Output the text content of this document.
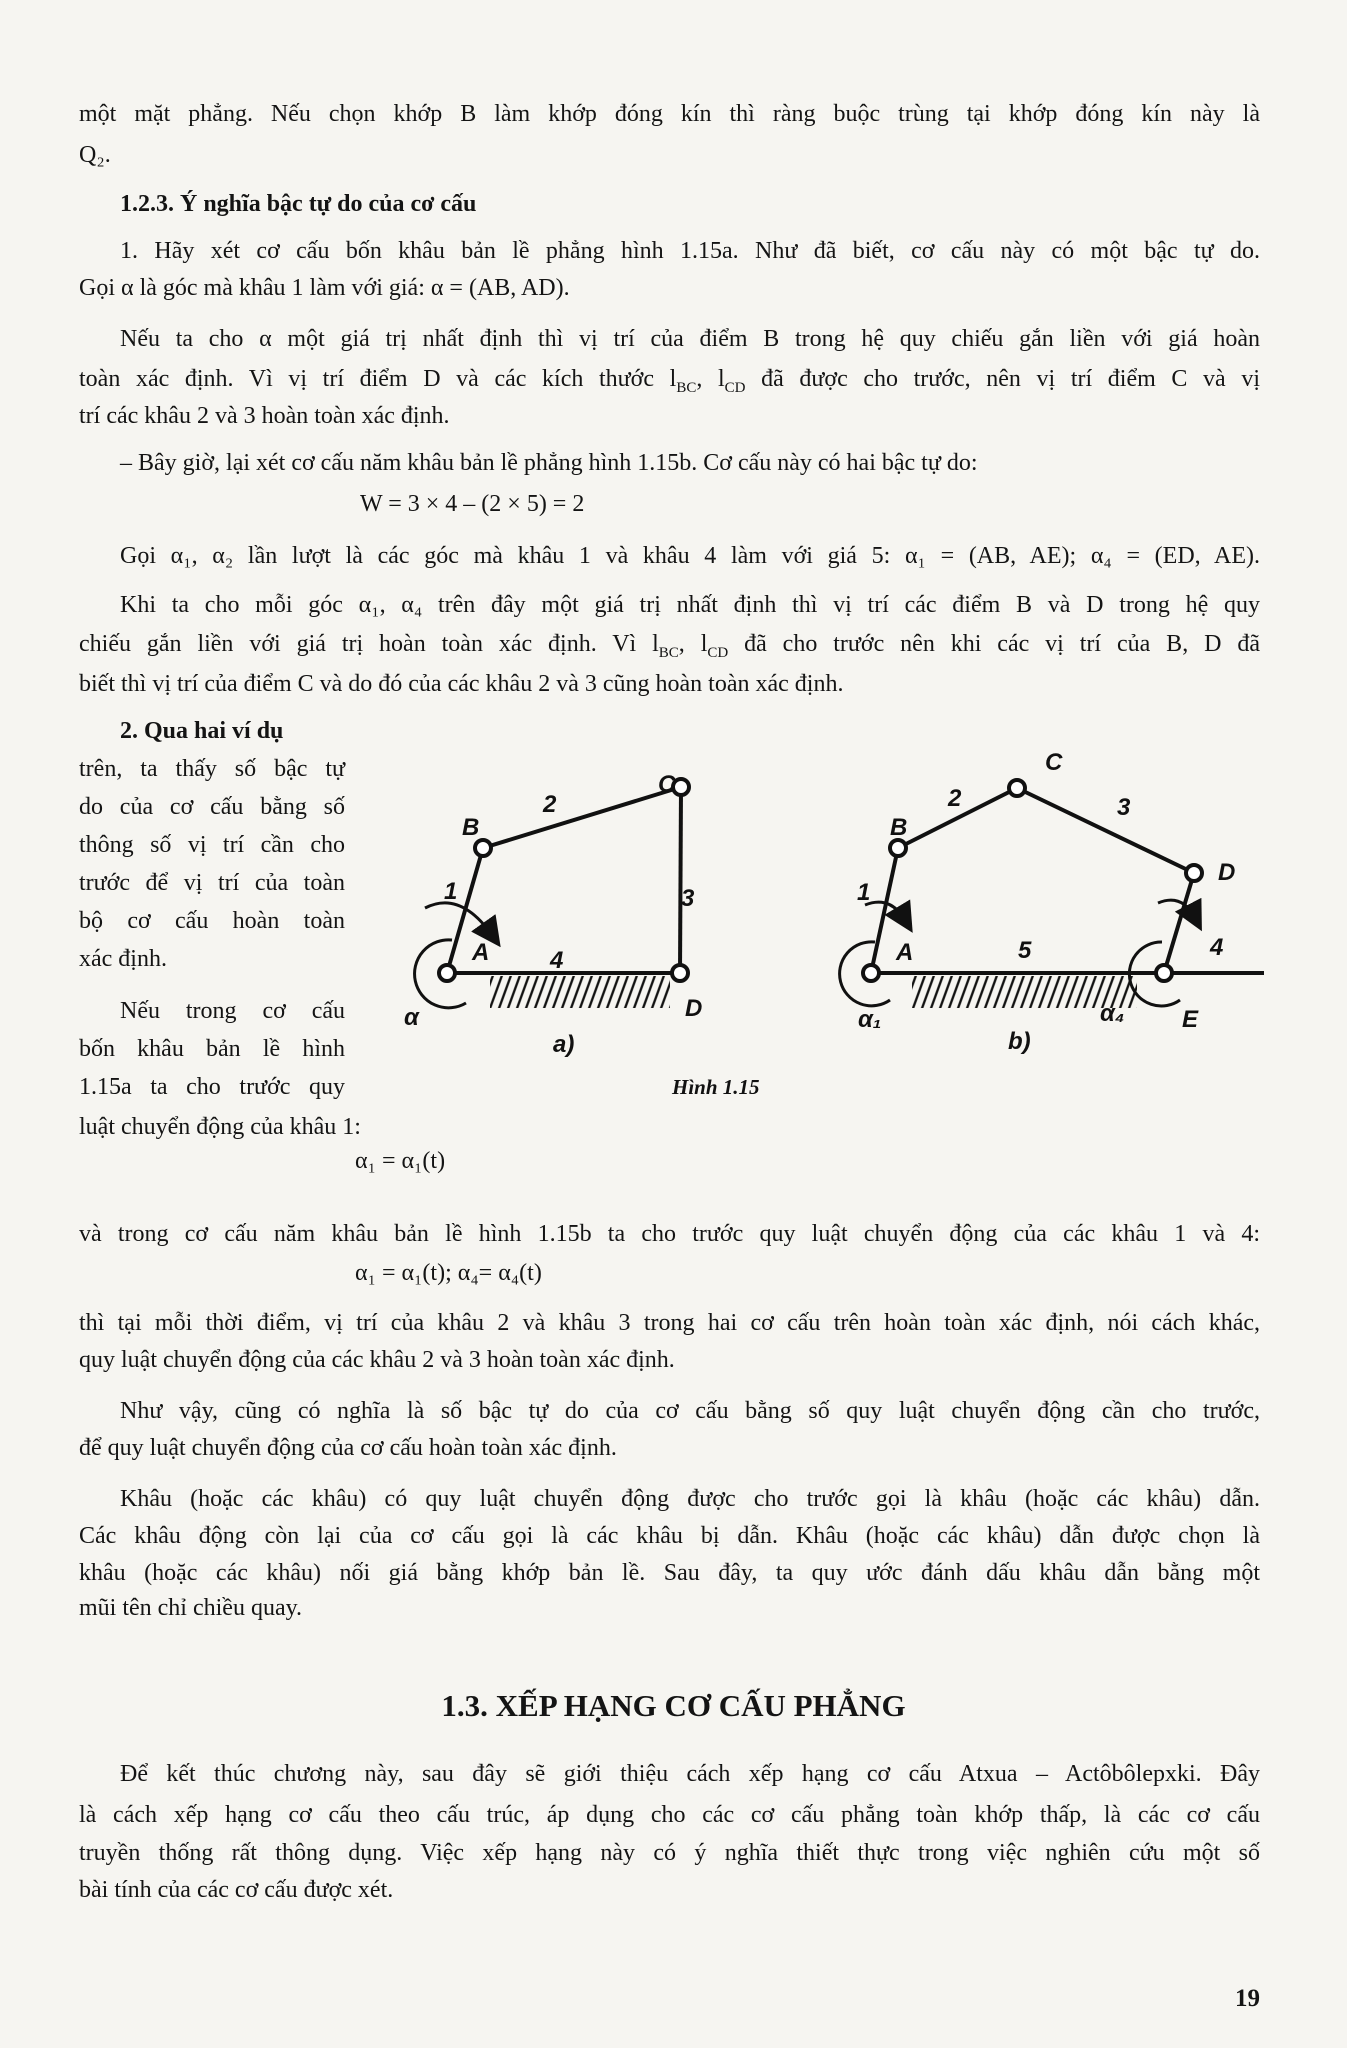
một mặt phẳng. Nếu chọn khớp B làm khớp đóng kín thì ràng buộc trùng tại khớp đóng kín này là
Q₂.
1.2.3. Ý nghĩa bậc tự do của cơ cấu
1. Hãy xét cơ cấu bốn khâu bản lề phẳng hình 1.15a. Như đã biết, cơ cấu này có một bậc tự do.
Gọi α là góc mà khâu 1 làm với giá: α = (AB, AD).
Nếu ta cho α một giá trị nhất định thì vị trí của điểm B trong hệ quy chiếu gắn liền với giá hoàn
toàn xác định. Vì vị trí điểm D và các kích thước $l_{BC}$, $l_{CD}$ đã được cho trước, nên vị trí điểm C và vị
trí các khâu 2 và 3 hoàn toàn xác định.
– Bây giờ, lại xét cơ cấu năm khâu bản lề phẳng hình 1.15b. Cơ cấu này có hai bậc tự do:
W = 3 × 4 – (2 × 5) = 2
Gọi α₁, α₂ lần lượt là các góc mà khâu 1 và khâu 4 làm với giá 5: α₁ = (AB, AE); α₄ = (ED, AE).
Khi ta cho mỗi góc α₁, α₄ trên đây một giá trị nhất định thì vị trí các điểm B và D trong hệ quy
chiếu gắn liền với giá trị hoàn toàn xác định. Vì $l_{BC}$, $l_{CD}$ đã cho trước nên khi các vị trí của B, D đã
biết thì vị trí của điểm C và do đó của các khâu 2 và 3 cũng hoàn toàn xác định.
2. Qua hai ví dụ
trên, ta thấy số bậc tự
do của cơ cấu bằng số
thông số vị trí cần cho
trước để vị trí của toàn
bộ cơ cấu hoàn toàn
xác định.
Nếu trong cơ cấu
bốn khâu bản lề hình
1.15a ta cho trước quy
luật chuyển động của khâu 1:
α₁ = α₁(t)
và trong cơ cấu năm khâu bản lề hình 1.15b ta cho trước quy luật chuyển động của các khâu 1 và 4:
α₁ = α₁(t); α₄= α₄(t)
thì tại mỗi thời điểm, vị trí của khâu 2 và khâu 3 trong hai cơ cấu trên hoàn toàn xác định, nói cách khác,
quy luật chuyển động của các khâu 2 và 3 hoàn toàn xác định.
Như vậy, cũng có nghĩa là số bậc tự do của cơ cấu bằng số quy luật chuyển động cần cho trước,
để quy luật chuyển động của cơ cấu hoàn toàn xác định.
Khâu (hoặc các khâu) có quy luật chuyển động được cho trước gọi là khâu (hoặc các khâu) dẫn.
Các khâu động còn lại của cơ cấu gọi là các khâu bị dẫn. Khâu (hoặc các khâu) dẫn được chọn là
khâu (hoặc các khâu) nối giá bằng khớp bản lề. Sau đây, ta quy ước đánh dấu khâu dẫn bằng một
mũi tên chỉ chiều quay.
1.3. XẾP HẠNG CƠ CẤU PHẲNG
Để kết thúc chương này, sau đây sẽ giới thiệu cách xếp hạng cơ cấu Atxua – Actôbôlepxki. Đây
là cách xếp hạng cơ cấu theo cấu trúc, áp dụng cho các cơ cấu phẳng toàn khớp thấp, là các cơ cấu
truyền thống rất thông dụng. Việc xếp hạng này có ý nghĩa thiết thực trong việc nghiên cứu một số
bài tính của các cơ cấu được xét.
19
α
1
2
3
4
A
B
C
D
a)
1
2	3
4
5
A
B
C
D
E
α₁	α₄
b)
Hình 1.15
